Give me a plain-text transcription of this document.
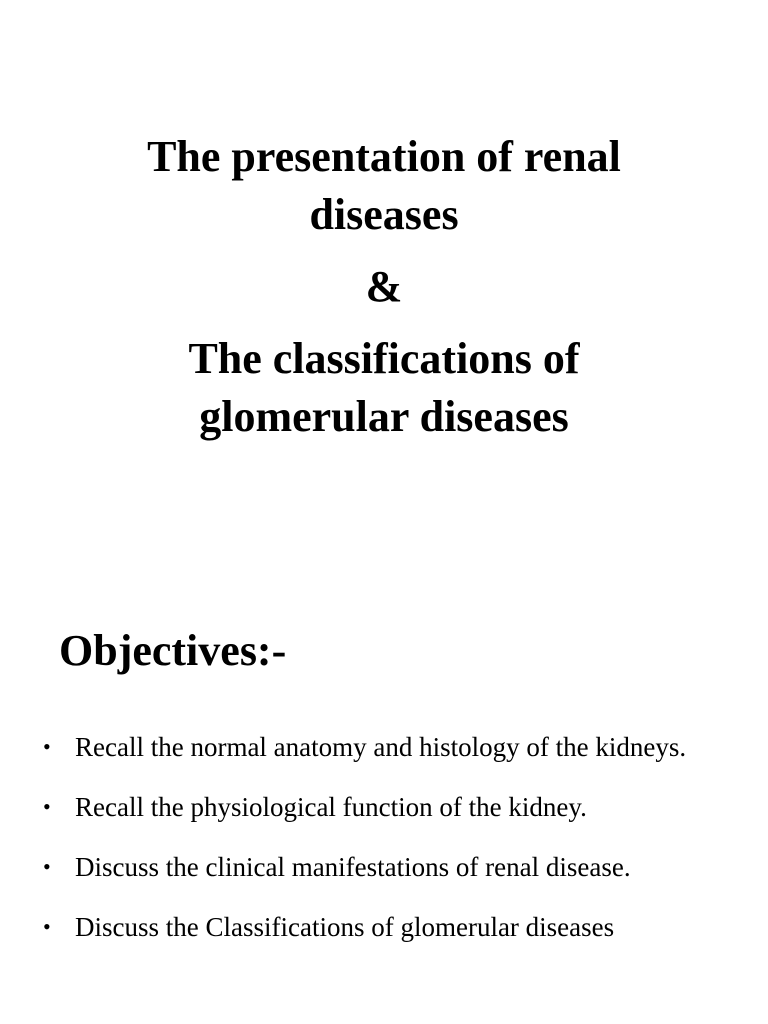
The presentation of renal
diseases
&
The classifications of
glomerular diseases
Objectives:-
• Recall the normal anatomy and histology of the kidneys.
• Recall the physiological function of the kidney.
• Discuss the clinical manifestations of renal disease.
• Discuss the Classifications of glomerular diseases
